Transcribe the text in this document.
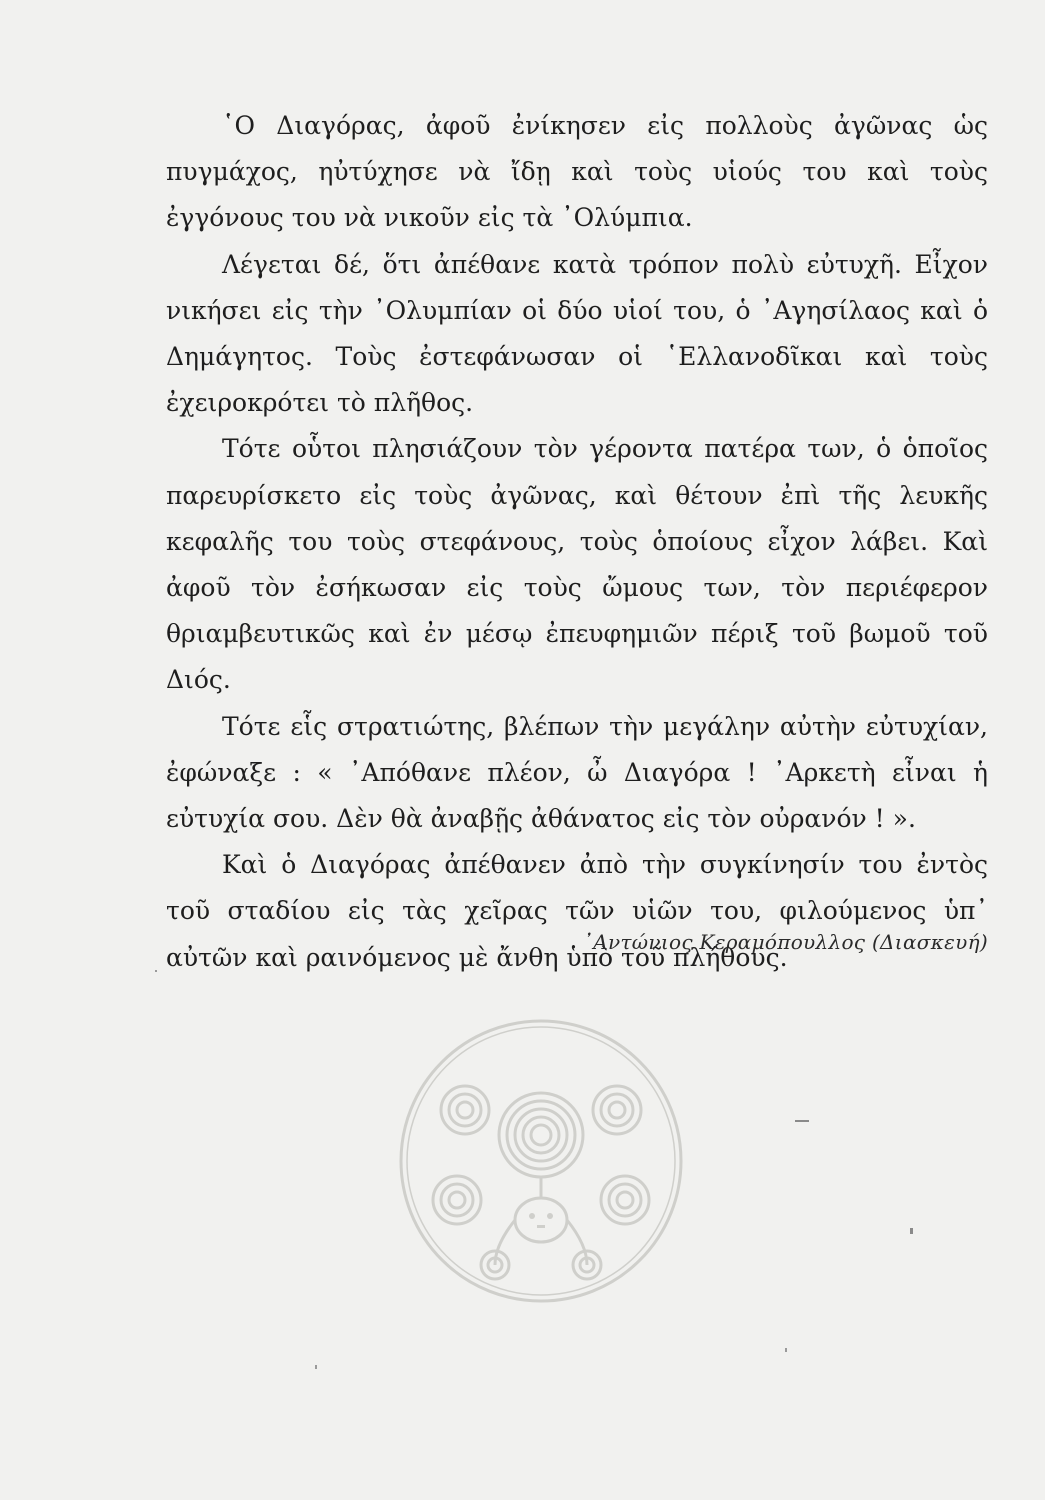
῾Ο Διαγόρας, ἀφοῦ ἐνίκησεν εἰς πολλοὺς ἀγῶνας ὡς πυγμάχος, ηὐτύχησε νὰ ἴδῃ καὶ τοὺς υἱούς του καὶ τοὺς ἐγγόνους του νὰ νικοῦν εἰς τὰ ᾿Ολύμπια.

Λέγεται δέ, ὅτι ἀπέθανε κατὰ τρόπον πολὺ εὐτυχῆ. Εἶχον νικήσει εἰς τὴν ᾿Ολυμπίαν οἱ δύο υἱοί του, ὁ ᾿Αγησίλαος καὶ ὁ Δημάγητος. Τοὺς ἐστεφάνωσαν οἱ ῾Ελλανοδῖκαι καὶ τοὺς ἐχειροκρότει τὸ πλῆθος.

Τότε οὗτοι πλησιάζουν τὸν γέροντα πατέρα των, ὁ ὁποῖος παρευρίσκετο εἰς τοὺς ἀγῶνας, καὶ θέτουν ἐπὶ τῆς λευκῆς κεφαλῆς του τοὺς στεφάνους, τοὺς ὁποίους εἶχον λάβει. Καὶ ἀφοῦ τὸν ἐσήκωσαν εἰς τοὺς ὤμους των, τὸν περιέφερον θριαμβευτικῶς καὶ ἐν μέσῳ ἐπευφημιῶν πέριξ τοῦ βωμοῦ τοῦ Διός.

Τότε εἷς στρατιώτης, βλέπων τὴν μεγάλην αὐτὴν εὐτυχίαν, ἐφώναξε : « ᾿Απόθανε πλέον, ὦ Διαγόρα ! ᾿Αρκετὴ εἶναι ἡ εὐτυχία σου. Δὲν θὰ ἀναβῇς ἀθάνατος εἰς τὸν οὐρανόν ! ».

Καὶ ὁ Διαγόρας ἀπέθανεν ἀπὸ τὴν συγκίνησίν του ἐντὸς τοῦ σταδίου εἰς τὰς χεῖρας τῶν υἱῶν του, φιλούμενος ὑπ᾿ αὐτῶν καὶ ραινόμενος μὲ ἄνθη ὑπὸ τοῦ πλήθους.

᾿Αντώνιος Κεραμόπουλλος (Διασκευή)
